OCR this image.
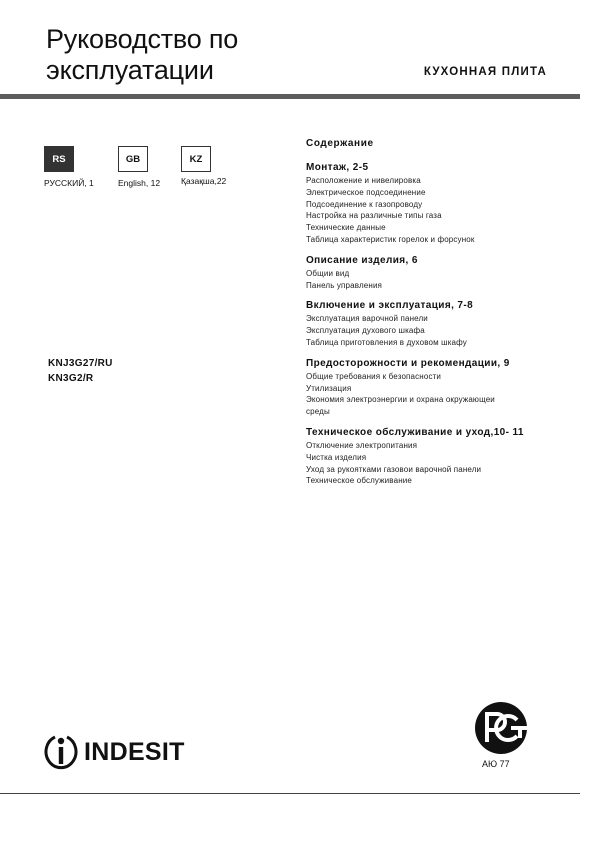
Руководство по
эксплуатации	КУХОННАЯ ПЛИТА
RS
РУССКИЙ, 1
GB
English, 12
KZ
Қазақша,22
KNJ3G27/RU
KN3G2/R
Содержание
Монтаж, 2-5
Расположение и нивелировка
Электрическое подсоединение
Подсоединение к газопроводу
Настройка на различные типы газа
Технические данные
Таблица характеристик горелок и форсунок
Описание изделия, 6
Общии вид
Панель управления
Включение и эксплуатация, 7-8
Эксплуатация варочной панели
Эксплуатация духового шкафа
Таблица приготовления в духовом шкафу
Предосторожности и рекомендации, 9
Общие требования к безопасности
Утилизация
Экономия электроэнергии и охрана окружающеи
среды
Техническое обслуживание и уход,10- 11
Отключение электропитания
Чистка изделия
Уход за рукоятками газовои варочной панели
Техническое обслуживание
INDESIT	АЮ 77
